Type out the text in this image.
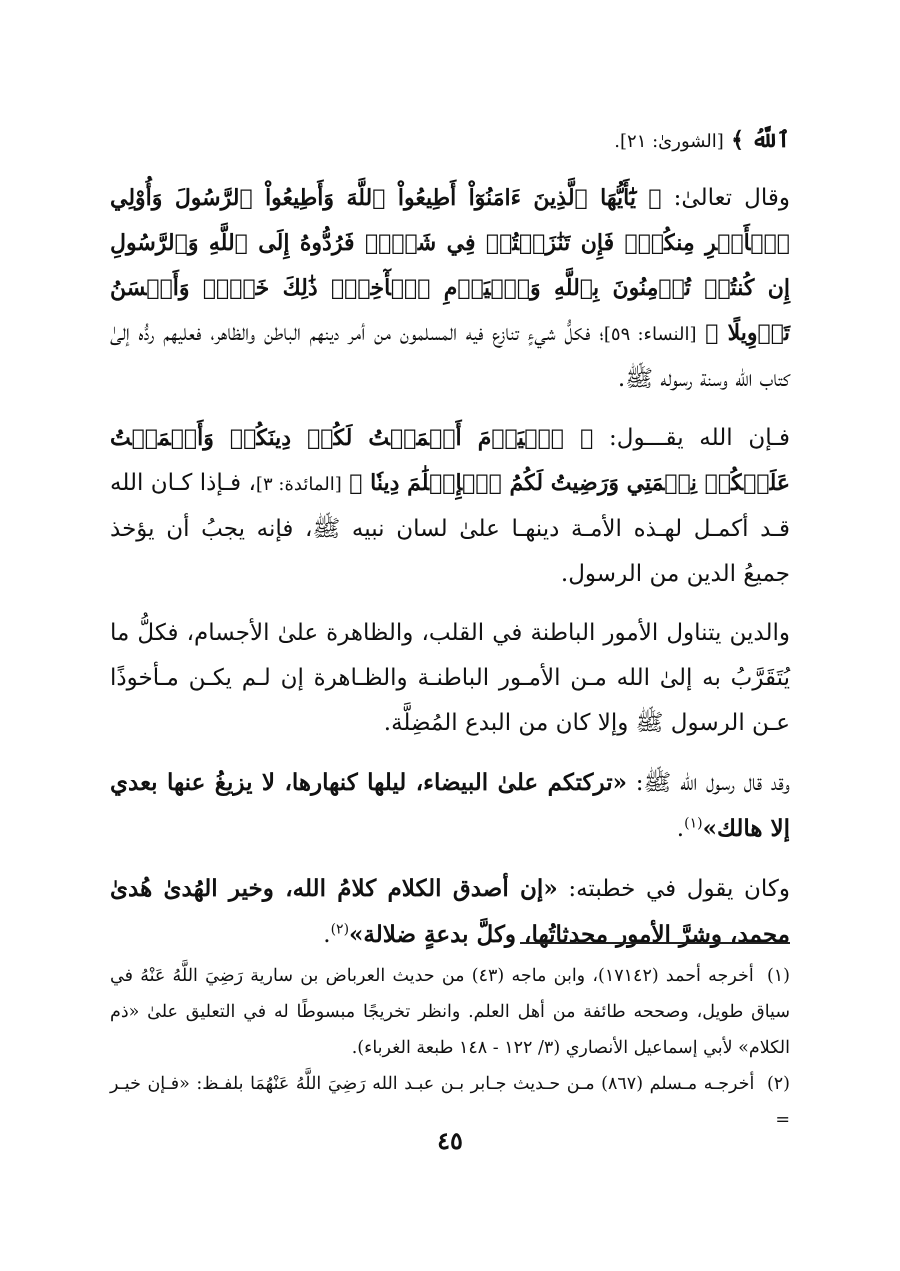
ٱللَّهُ ﴾ [الشورىٰ: ٢١].

وقال تعالىٰ: ﴿ يَٰٓأَيُّهَا ٱلَّذِينَ ءَامَنُوٓاْ أَطِيعُواْ ٱللَّهَ وَأَطِيعُواْ ٱلرَّسُولَ وَأُوْلِي ٱلۡأَمۡرِ مِنكُمۡۖ فَإِن تَنَٰزَعۡتُمۡ فِي شَيۡءٖ فَرُدُّوهُ إِلَى ٱللَّهِ وَٱلرَّسُولِ إِن كُنتُمۡ تُؤۡمِنُونَ بِٱللَّهِ وَٱلۡيَوۡمِ ٱلۡأٓخِرِۚ ذَٰلِكَ خَيۡرٞ وَأَحۡسَنُ تَأۡوِيلًا ﴾ [النساء: ٥٩]؛ فكلُّ شيءٍ تنازع فيه المسلمون من أمر دينهم الباطن والظاهر، فعليهم ردُّه إلىٰ كتاب الله وسنة رسوله ﷺ.

فـإن الله يقـــول: ﴿ ٱلۡيَوۡمَ أَكۡمَلۡتُ لَكُمۡ دِينَكُمۡ وَأَتۡمَمۡتُ عَلَيۡكُمۡ نِعۡمَتِي وَرَضِيتُ لَكُمُ ٱلۡإِسۡلَٰمَ دِينٗا ﴾ [المائدة: ٣]، فـإذا كـان الله قـد أكمـل لهـذه الأمـة دينهـا علىٰ لسان نبيه ﷺ، فإنه يجبُ أن يؤخذ جميعُ الدين من الرسول.

والدين يتناول الأمور الباطنة في القلب، والظاهرة علىٰ الأجسام، فكلُّ ما يُتَقَرَّبُ به إلىٰ الله مـن الأمـور الباطنـة والظـاهرة إن لـم يكـن مـأخوذًا عـن الرسول ﷺ وإلا كان من البدع المُضِلَّة.

وقد قال رسول الله ﷺ: «تركتكم علىٰ البيضاء، ليلها كنهارها، لا يزيغُ عنها بعدي إلا هالك»$^{(١)}$.

وكان يقول في خطبته: «إن أصدق الكلام كلامُ الله، وخير الهُدىٰ هُدىٰ محمد، وشرَّ الأمور محدثاتُها، وكلَّ بدعةٍ ضلالة»$^{(٢)}$.

(١) أخرجه أحمد (١٧١٤٢)، وابن ماجه (٤٣) من حديث العرباض بن سارية رَضِيَ اللَّهُ عَنْهُ في سياق طويل، وصححه طائفة من أهل العلم. وانظر تخريجًا مبسوطًا له في التعليق علىٰ «ذم الكلام» لأبي إسماعيل الأنصاري (٣/ ١٢٢ - ١٤٨ طبعة الغرباء).

(٢) أخرجـه مـسلم (٨٦٧) مـن حـديث جـابر بـن عبـد الله رَضِيَ اللَّهُ عَنْهُمَا بلفـظ: «فـإن خيـر =

٤٥
